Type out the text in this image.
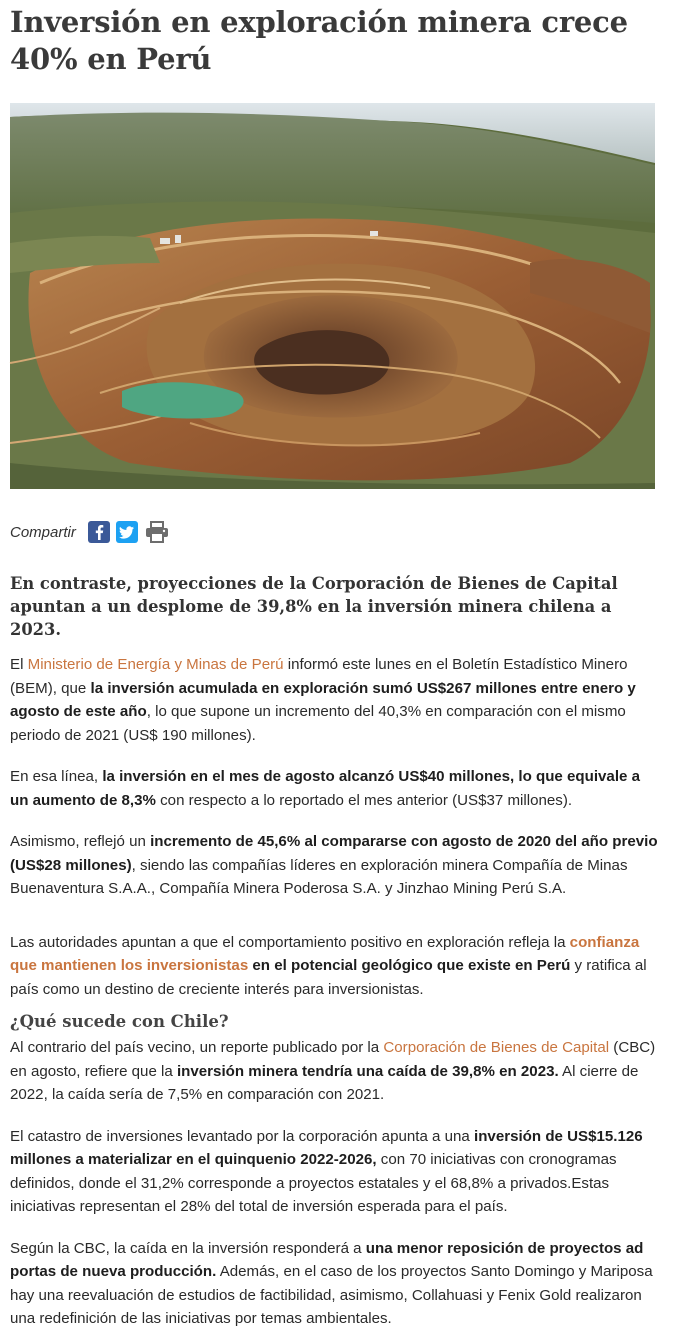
Inversión en exploración minera crece 40% en Perú
Compartir
En contraste, proyecciones de la Corporación de Bienes de Capital apuntan a un desplome de 39,8% en la inversión minera chilena a 2023.

El Ministerio de Energía y Minas de Perú informó este lunes en el Boletín Estadístico Minero (BEM), que la inversión acumulada en exploración sumó US$267 millones entre enero y agosto de este año, lo que supone un incremento del 40,3% en comparación con el mismo periodo de 2021 (US$ 190 millones).

En esa línea, la inversión en el mes de agosto alcanzó US$40 millones, lo que equivale a un aumento de 8,3% con respecto a lo reportado el mes anterior (US$37 millones).

Asimismo, reflejó un incremento de 45,6% al compararse con agosto de 2020 del año previo (US$28 millones), siendo las compañías líderes en exploración minera Compañía de Minas Buenaventura S.A.A., Compañía Minera Poderosa S.A. y Jinzhao Mining Perú S.A.

Las autoridades apuntan a que el comportamiento positivo en exploración refleja la confianza que mantienen los inversionistas en el potencial geológico que existe en Perú y ratifica al país como un destino de creciente interés para inversionistas.

¿Qué sucede con Chile?

Al contrario del país vecino, un reporte publicado por la Corporación de Bienes de Capital (CBC) en agosto, refiere que la inversión minera tendría una caída de 39,8% en 2023. Al cierre de 2022, la caída sería de 7,5% en comparación con 2021.

El catastro de inversiones levantado por la corporación apunta a una inversión de US$15.126 millones a materializar en el quinquenio 2022-2026, con 70 iniciativas con cronogramas definidos, donde el 31,2% corresponde a proyectos estatales y el 68,8% a privados.Estas iniciativas representan el 28% del total de inversión esperada para el país.

Según la CBC, la caída en la inversión responderá a una menor reposición de proyectos ad portas de nueva producción. Además, en el caso de los proyectos Santo Domingo y Mariposa hay una reevaluación de estudios de factibilidad, asimismo, Collahuasi y Fenix Gold realizaron una redefinición de las iniciativas por temas ambientales.
